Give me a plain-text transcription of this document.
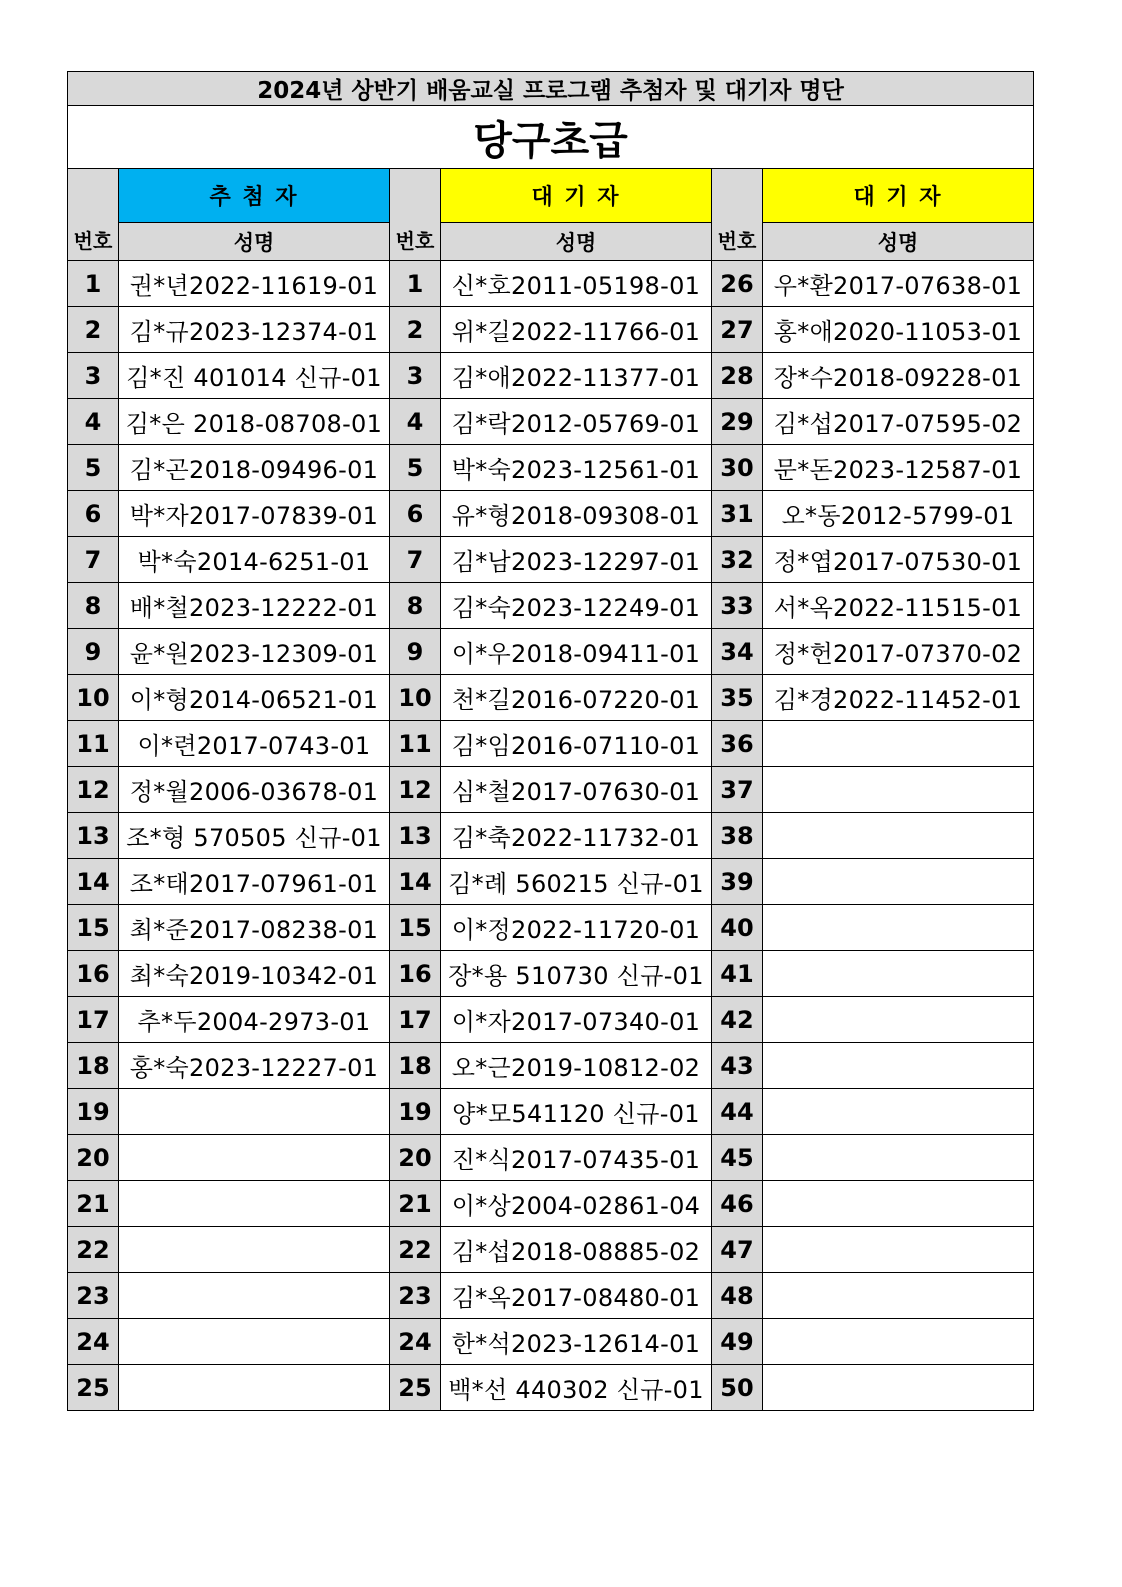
2024년 상반기 배움교실 프로그램 추첨자 및 대기자 명단					
당구초급					
번호	추 첨 자	번호	대 기 자	번호	대 기 자
	성명		성명		성명
1	권*년2022-11619-01	1	신*호2011-05198-01	26	우*환2017-07638-01
2	김*규2023-12374-01	2	위*길2022-11766-01	27	홍*애2020-11053-01
3	김*진 401014 신규-01	3	김*애2022-11377-01	28	장*수2018-09228-01
4	김*은 2018-08708-01	4	김*락2012-05769-01	29	김*섭2017-07595-02
5	김*곤2018-09496-01	5	박*숙2023-12561-01	30	문*돈2023-12587-01
6	박*자2017-07839-01	6	유*형2018-09308-01	31	오*동2012-5799-01
7	박*숙2014-6251-01	7	김*남2023-12297-01	32	정*엽2017-07530-01
8	배*철2023-12222-01	8	김*숙2023-12249-01	33	서*옥2022-11515-01
9	윤*원2023-12309-01	9	이*우2018-09411-01	34	정*헌2017-07370-02
10	이*형2014-06521-01	10	천*길2016-07220-01	35	김*경2022-11452-01
11	이*련2017-0743-01	11	김*임2016-07110-01	36	
12	정*월2006-03678-01	12	심*철2017-07630-01	37	
13	조*형 570505 신규-01	13	김*축2022-11732-01	38	
14	조*태2017-07961-01	14	김*례 560215 신규-01	39	
15	최*준2017-08238-01	15	이*정2022-11720-01	40	
16	최*숙2019-10342-01	16	장*용 510730 신규-01	41	
17	추*두2004-2973-01	17	이*자2017-07340-01	42	
18	홍*숙2023-12227-01	18	오*근2019-10812-02	43	
19		19	양*모541120 신규-01	44	
20		20	진*식2017-07435-01	45	
21		21	이*상2004-02861-04	46	
22		22	김*섭2018-08885-02	47	
23		23	김*옥2017-08480-01	48	
24		24	한*석2023-12614-01	49	
25		25	백*선 440302 신규-01	50	
